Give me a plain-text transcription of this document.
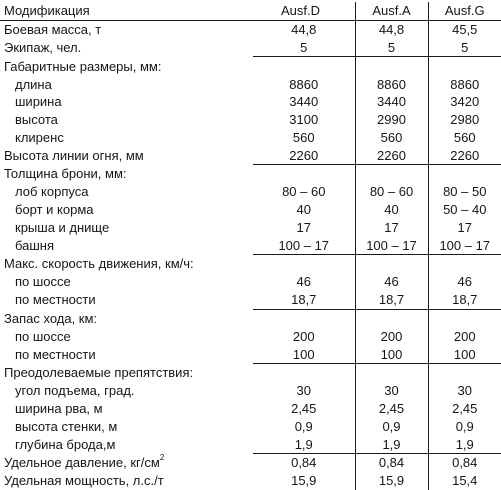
Модификация	Ausf.D	Ausf.A	Ausf.G
Боевая масса, т	44,8	44,8	45,5
Экипаж, чел.	5	5	5
Габаритные размеры, мм:			
длина	8860	8860	8860
ширина	3440	3440	3420
высота	3100	2990	2980
клиренс	560	560	560
Высота линии огня, мм	2260	2260	2260
Толщина брони, мм:			
лоб корпуса	80 – 60	80 – 60	80 – 50
борт и корма	40	40	50 – 40
крыша и днище	17	17	17
башня	100 – 17	100 – 17	100 – 17
Макс. скорость движения, км/ч:			
по шоссе	46	46	46
по местности	18,7	18,7	18,7
Запас хода, км:			
по шоссе	200	200	200
по местности	100	100	100
Преодолеваемые препятствия:			
угол подъема, град.	30	30	30
ширина рва, м	2,45	2,45	2,45
высота стенки, м	0,9	0,9	0,9
глубина брода,м	1,9	1,9	1,9
Удельное давление, $кг/см^2$	0,84	0,84	0,84
Удельная мощность, л.с./т	15,9	15,9	15,4
